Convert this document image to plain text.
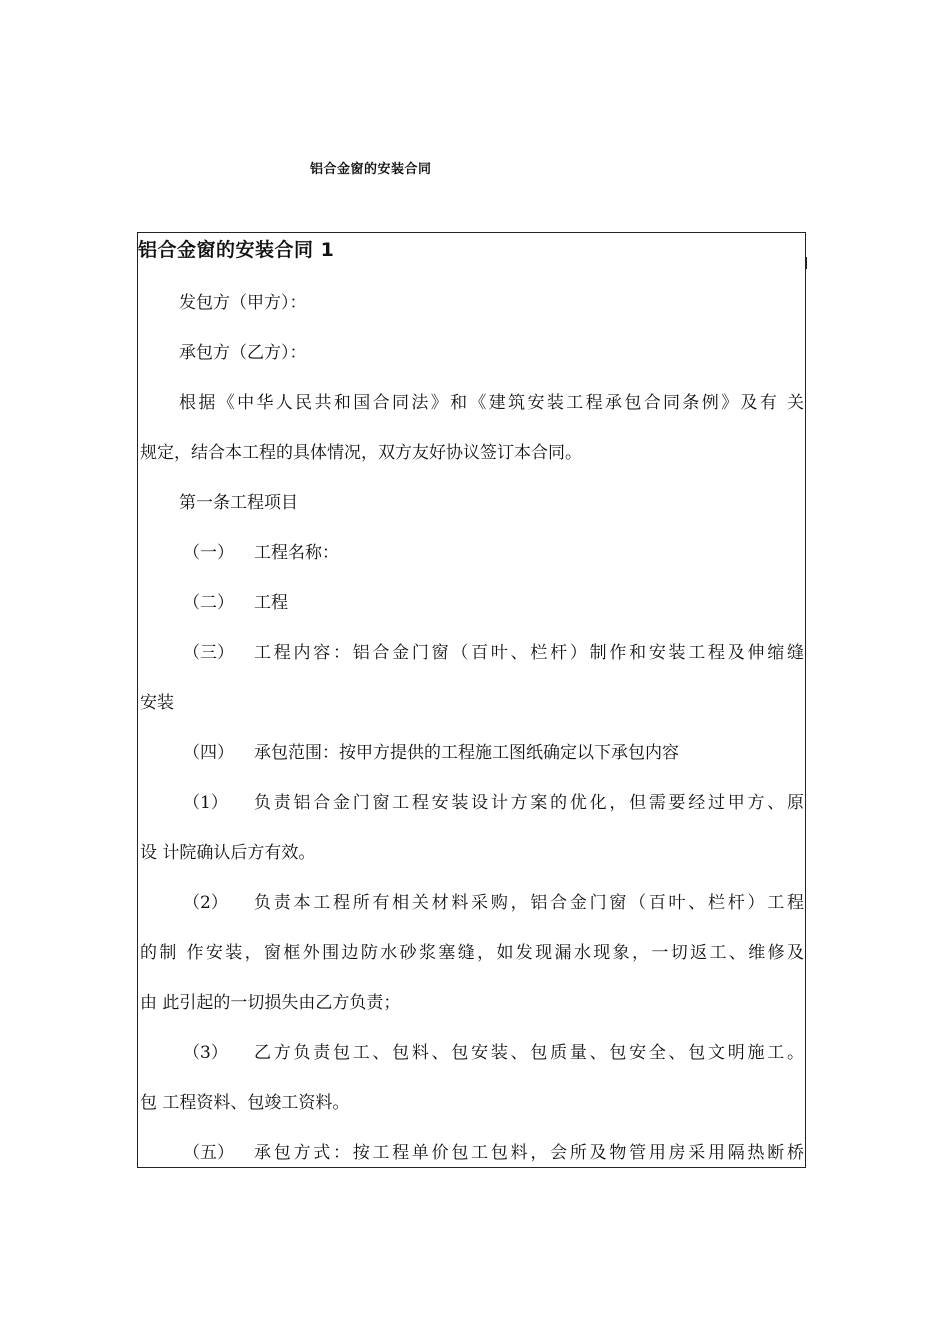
铝合金窗的安装合同
铝合金窗的安装合同 1
发包方（甲方）：
承包方（乙方）：
根据《中华人民共和国合同法》和《建筑安装工程承包合同条例》及有 关
规定，结合本工程的具体情况，双方友好协议签订本合同。
第一条工程项目
（一） 工程名称：
（二） 工程
（三） 工程内容：铝合金门窗（百叶、栏杆）制作和安装工程及伸缩缝
安装
（四） 承包范围：按甲方提供的工程施工图纸确定以下承包内容
（1） 负责铝合金门窗工程安装设计方案的优化，但需要经过甲方、原
设 计院确认后方有效。
（2） 负责本工程所有相关材料采购，铝合金门窗（百叶、栏杆）工程
的制 作安装，窗框外围边防水砂浆塞缝，如发现漏水现象，一切返工、维修及
由 此引起的一切损失由乙方负责；
（3） 乙方负责包工、包料、包安装、包质量、包安全、包文明施工。
包 工程资料、包竣工资料。
（五） 承包方式：按工程单价包工包料，会所及物管用房采用隔热断桥
